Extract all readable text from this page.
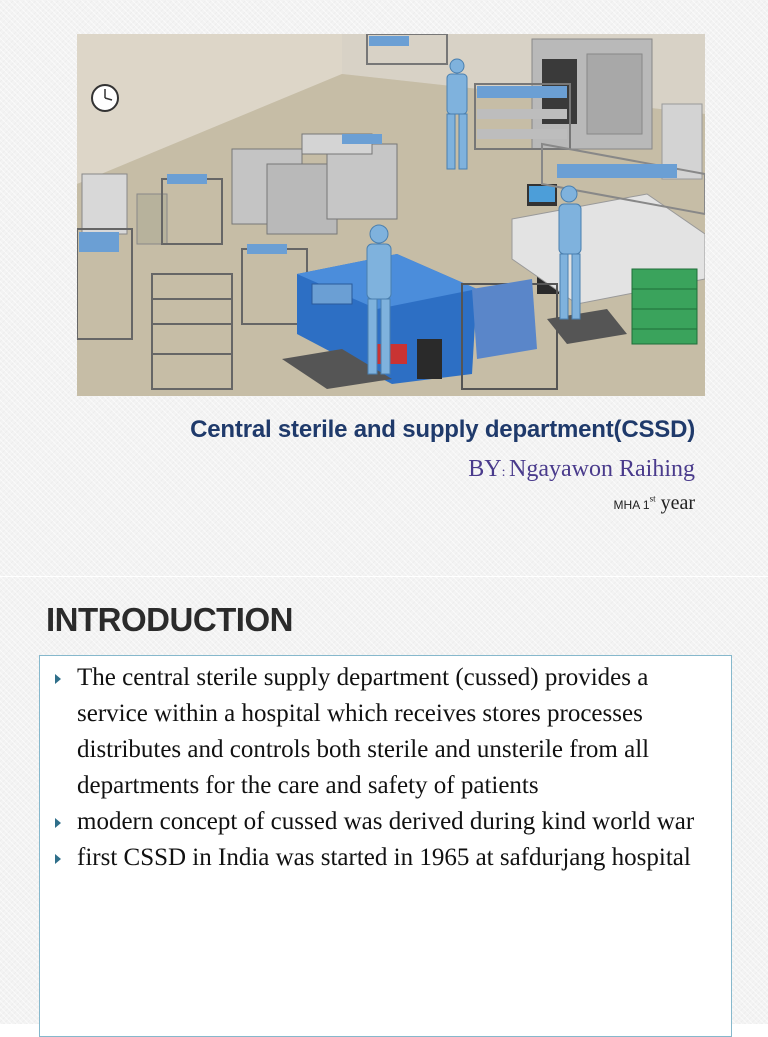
Central sterile and supply department(CSSD)
BY: Ngayawon Raihing
MHA 1st year
INTRODUCTION
The central sterile supply department (cussed) provides a service within a hospital which receives stores processes distributes and controls both sterile and unsterile from all departments for the care and safety of patients
modern concept of cussed was derived during kind world war
first CSSD in India was started in 1965 at safdurjang hospital
